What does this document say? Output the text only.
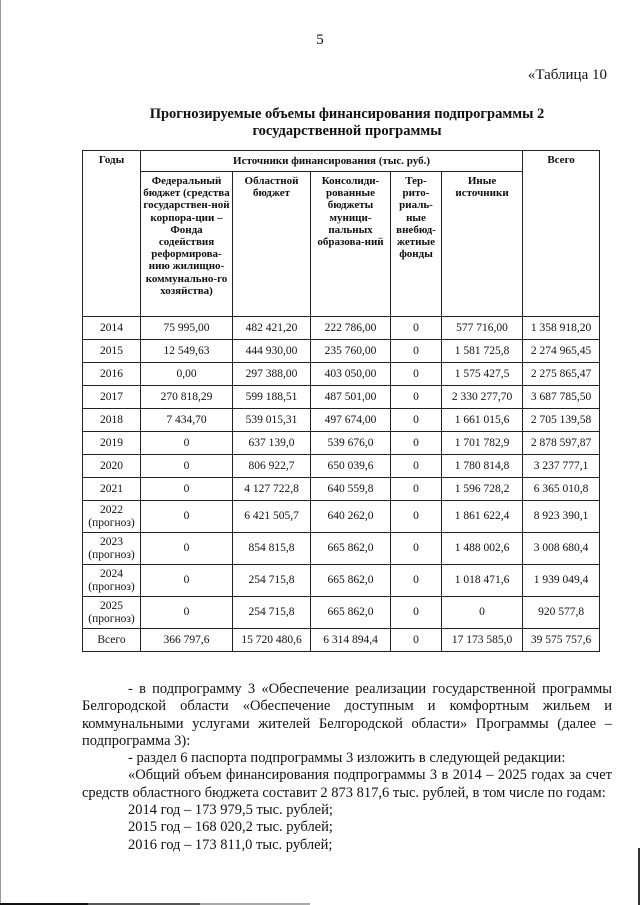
5
«Таблица 10
Прогнозируемые объемы финансирования подпрограммы 2
государственной программы
Годы	Источники финансирования (тыс. руб.)					Всего
	Федеральный бюджет (средства государствен-ной корпора-ции – Фонда содействия реформирова-нию жилищно-коммунально-го хозяйства)	Областной бюджет	Консолиди-рованные бюджеты муници-пальных образова-ний	Тер-рито-риаль-ные внебюд-жетные фонды	Иные источники	

2014	75 995,00	482 421,20	222 786,00	0	577 716,00	1 358 918,20

2015	12 549,63	444 930,00	235 760,00	0	1 581 725,8	2 274 965,45

2016	0,00	297 388,00	403 050,00	0	1 575 427,5	2 275 865,47

2017	270 818,29	599 188,51	487 501,00	0	2 330 277,70	3 687 785,50

2018	7 434,70	539 015,31	497 674,00	0	1 661 015,6	2 705 139,58

2019	0	637 139,0	539 676,0	0	1 701 782,9	2 878 597,87

2020	0	806 922,7	650 039,6	0	1 780 814,8	3 237 777,1

2021	0	4 127 722,8	640 559,8	0	1 596 728,2	6 365 010,8

2022
(прогноз)	0	6 421 505,7	640 262,0	0	1 861 622,4	8 923 390,1

2023
(прогноз)	0	854 815,8	665 862,0	0	1 488 002,6	3 008 680,4

2024
(прогноз)	0	254 715,8	665 862,0	0	1 018 471,6	1 939 049,4

2025
(прогноз)	0	254 715,8	665 862,0	0	0	920 577,8
Всего	366 797,6	15 720 480,6	6 314 894,4	0	17 173 585,0	39 575 757,6

- в подпрограмму 3 «Обеспечение реализации государственной программы Белгородской области «Обеспечение доступным и комфортным жильем и коммунальными услугами жителей Белгородской области» Программы (далее – подпрограмма 3):

- раздел 6 паспорта подпрограммы 3 изложить в следующей редакции:

«Общий объем финансирования подпрограммы 3 в 2014 – 2025 годах за счет средств областного бюджета составит 2 873 817,6 тыс. рублей, в том числе по годам:

2014 год – 173 979,5 тыс. рублей;

2015 год – 168 020,2 тыс. рублей;

2016 год – 173 811,0 тыс. рублей;
